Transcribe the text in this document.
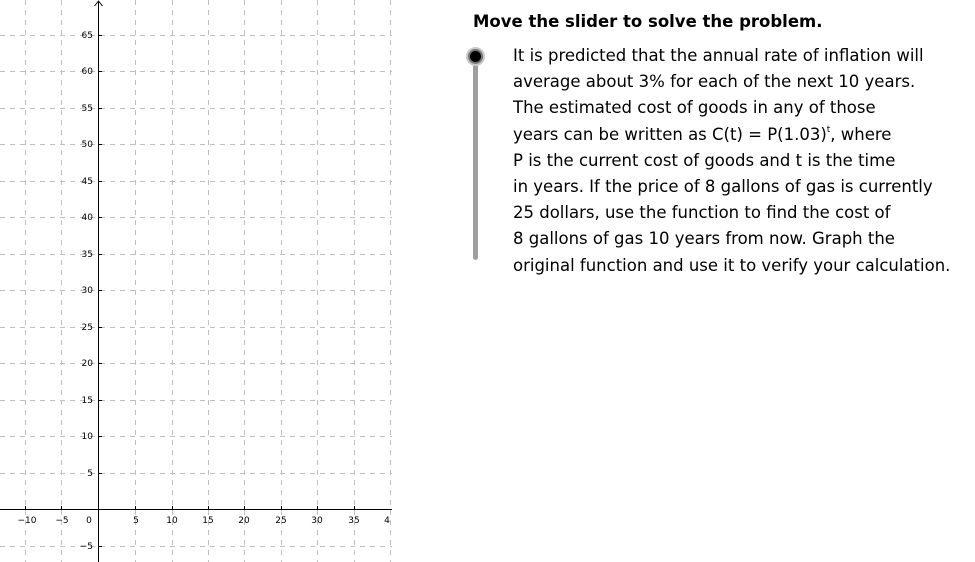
−10 −5 0	5	10	15	20	25	30	35	4
65
60
55
50
45
40
35
30
25
20
15
10
5
−5
Move the slider to solve the problem.
It is predicted that the annual rate of inflation will
average about 3% for each of the next 10 years.
The estimated cost of goods in any of those
years can be written as $C(t) = P(1.03)^t$, where
P is the current cost of goods and t is the time
in years. If the price of 8 gallons of gas is currently
25 dollars, use the function to find the cost of
8 gallons of gas 10 years from now. Graph the
original function and use it to verify your calculation.
